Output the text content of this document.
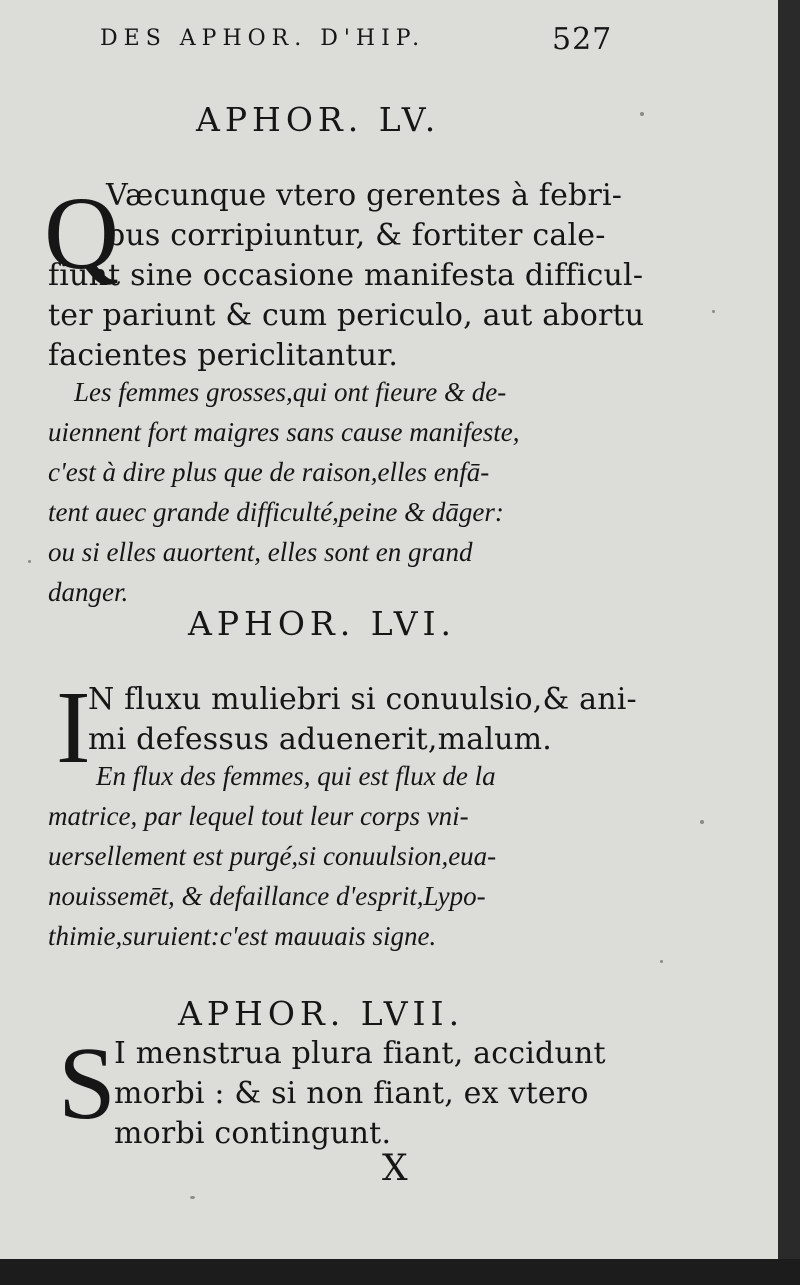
DES APHOR. D'HIP.	527
APHOR. LV.
Q
Væcunque vtero gerentes à febri-
bus corripiuntur, & fortiter cale-
fiunt sine occasione manifesta difficul-
ter pariunt & cum periculo, aut abortu
facientes periclitantur.
Les femmes grosses,qui ont fieure & de-
uiennent fort maigres sans cause manifeste,
c'est à dire plus que de raison,elles enfā-
tent auec grande difficulté,peine & dāger:
ou si elles auortent, elles sont en grand
danger.
APHOR. LVI.
I
N fluxu muliebri si conuulsio,& ani-
mi defessus aduenerit,malum.
En flux des femmes, qui est flux de la
matrice, par lequel tout leur corps vni-
uersellement est purgé,si conuulsion,eua-
nouissemēt, & defaillance d'esprit,Lypo-
thimie,suruient:c'est mauuais signe.
APHOR. LVII.
S
I menstrua plura fiant, accidunt
morbi : & si non fiant, ex vtero
morbi contingunt.
X
